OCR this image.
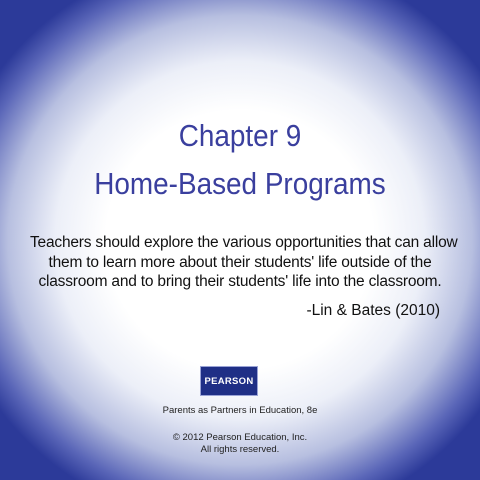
Chapter 9
Home-Based Programs
Teachers should explore the various opportunities that can allow
them to learn more about their students' life outside of the
classroom and to bring their students' life into the classroom.
-Lin & Bates (2010)
PEARSON
Parents as Partners in Education, 8e
© 2012 Pearson Education, Inc.
All rights reserved.
